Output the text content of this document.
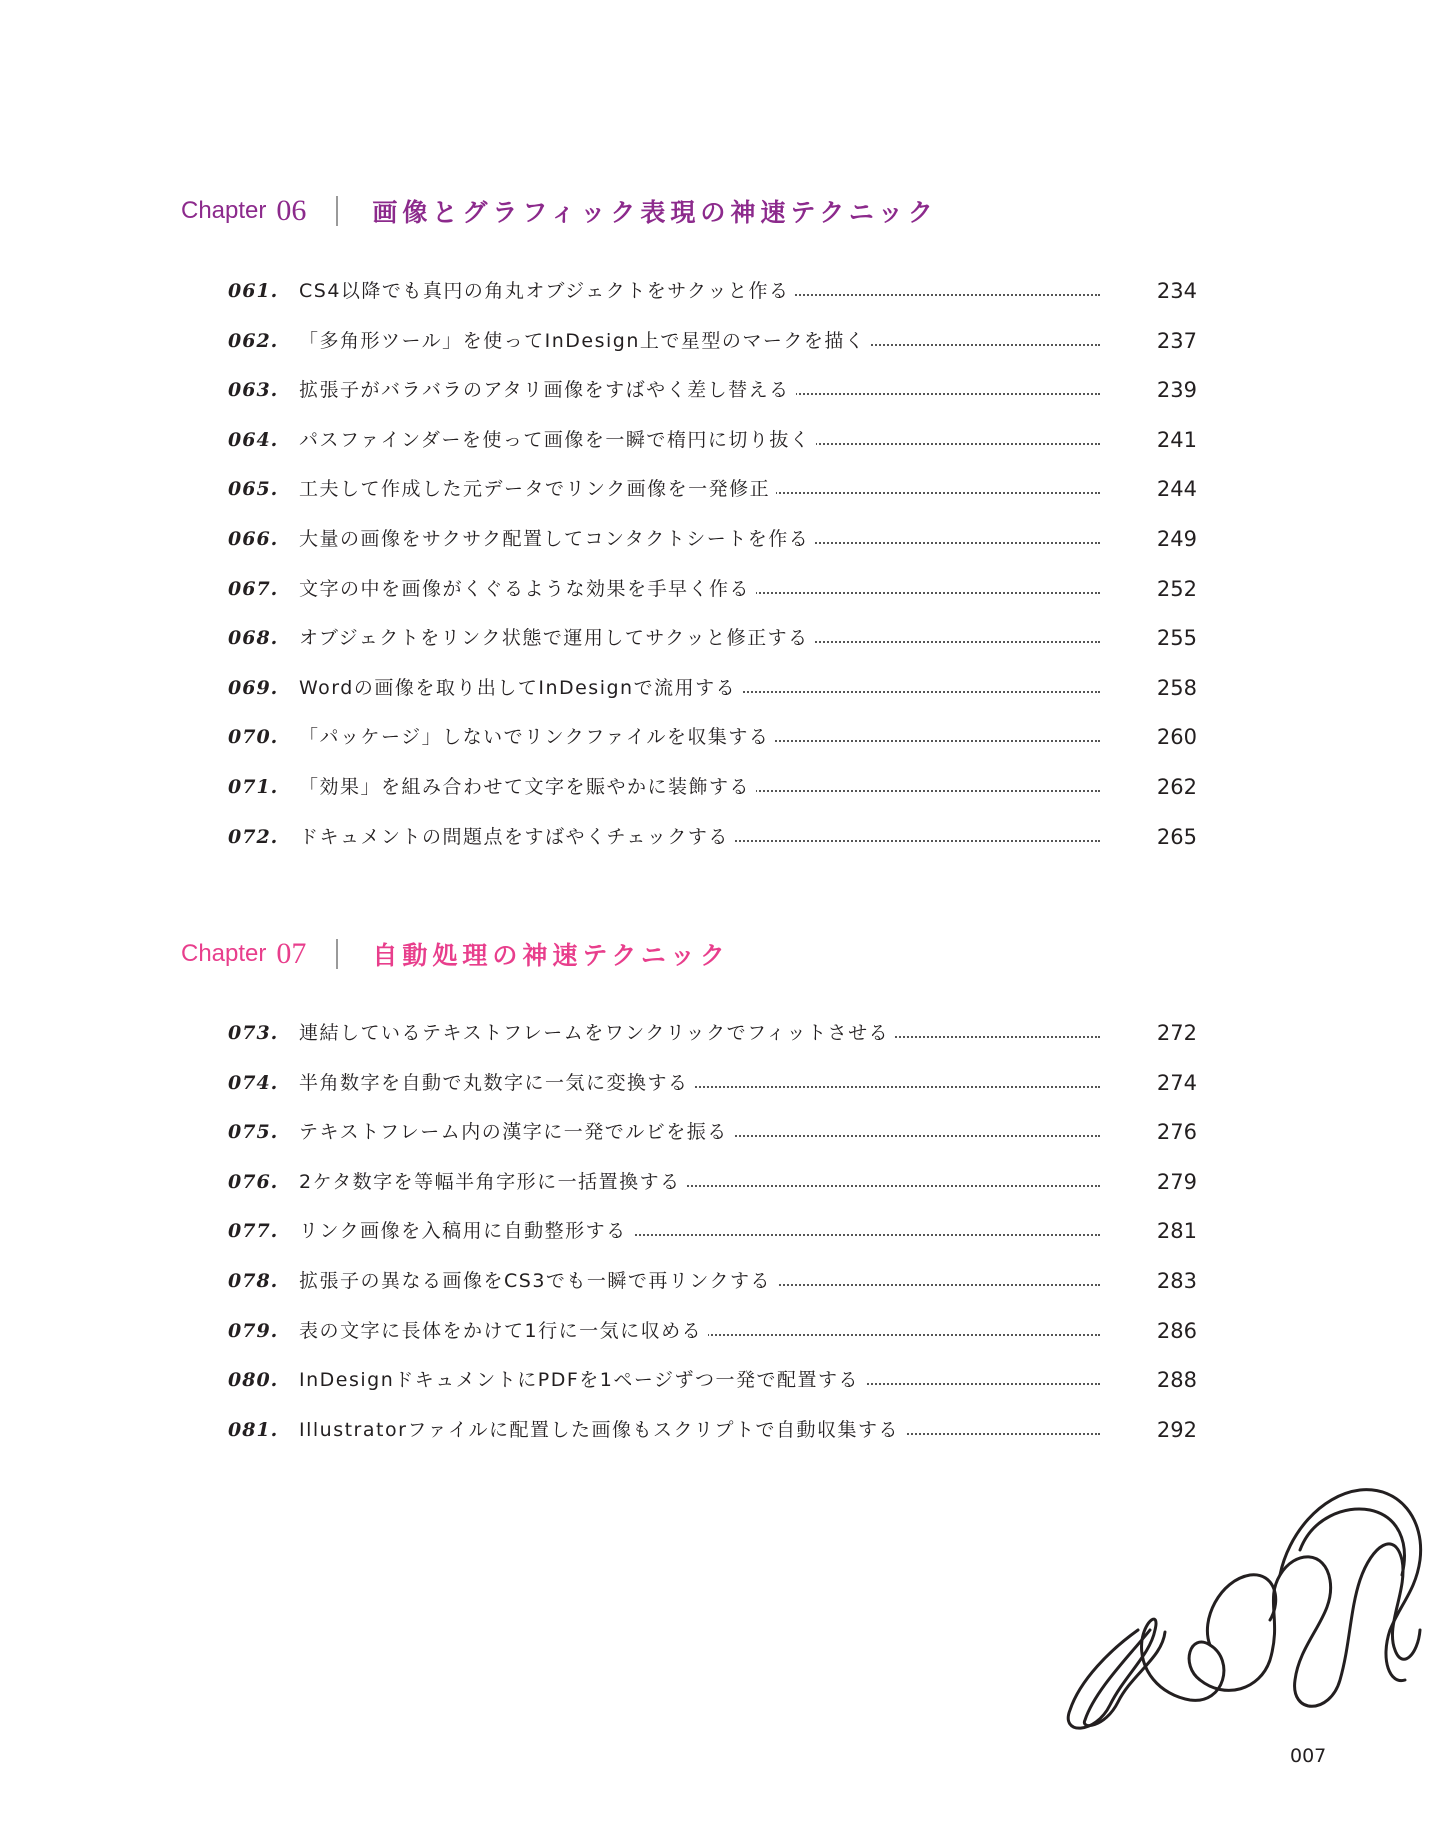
Chapter 06	画像とグラフィック表現の神速テクニック
061.	CS4以降でも真円の角丸オブジェクトをサクッと作る	234
062.	「多角形ツール」を使ってInDesign上で星型のマークを描く	237
063.	拡張子がバラバラのアタリ画像をすばやく差し替える	239
064.	パスファインダーを使って画像を一瞬で楕円に切り抜く	241
065.	工夫して作成した元データでリンク画像を一発修正	244
066.	大量の画像をサクサク配置してコンタクトシートを作る	249
067.	文字の中を画像がくぐるような効果を手早く作る	252
068.	オブジェクトをリンク状態で運用してサクッと修正する	255
069.	Wordの画像を取り出してInDesignで流用する	258
070.	「パッケージ」しないでリンクファイルを収集する	260
071.	「効果」を組み合わせて文字を賑やかに装飾する	262
072.	ドキュメントの問題点をすばやくチェックする	265
Chapter 07	自動処理の神速テクニック
073.	連結しているテキストフレームをワンクリックでフィットさせる	272
074.	半角数字を自動で丸数字に一気に変換する	274
075.	テキストフレーム内の漢字に一発でルビを振る	276
076.	2ケタ数字を等幅半角字形に一括置換する	279
077.	リンク画像を入稿用に自動整形する	281
078.	拡張子の異なる画像をCS3でも一瞬で再リンクする	283
079.	表の文字に長体をかけて1行に一気に収める	286
080.	InDesignドキュメントにPDFを1ページずつ一発で配置する	288
081.	Illustratorファイルに配置した画像もスクリプトで自動収集する	292
007
